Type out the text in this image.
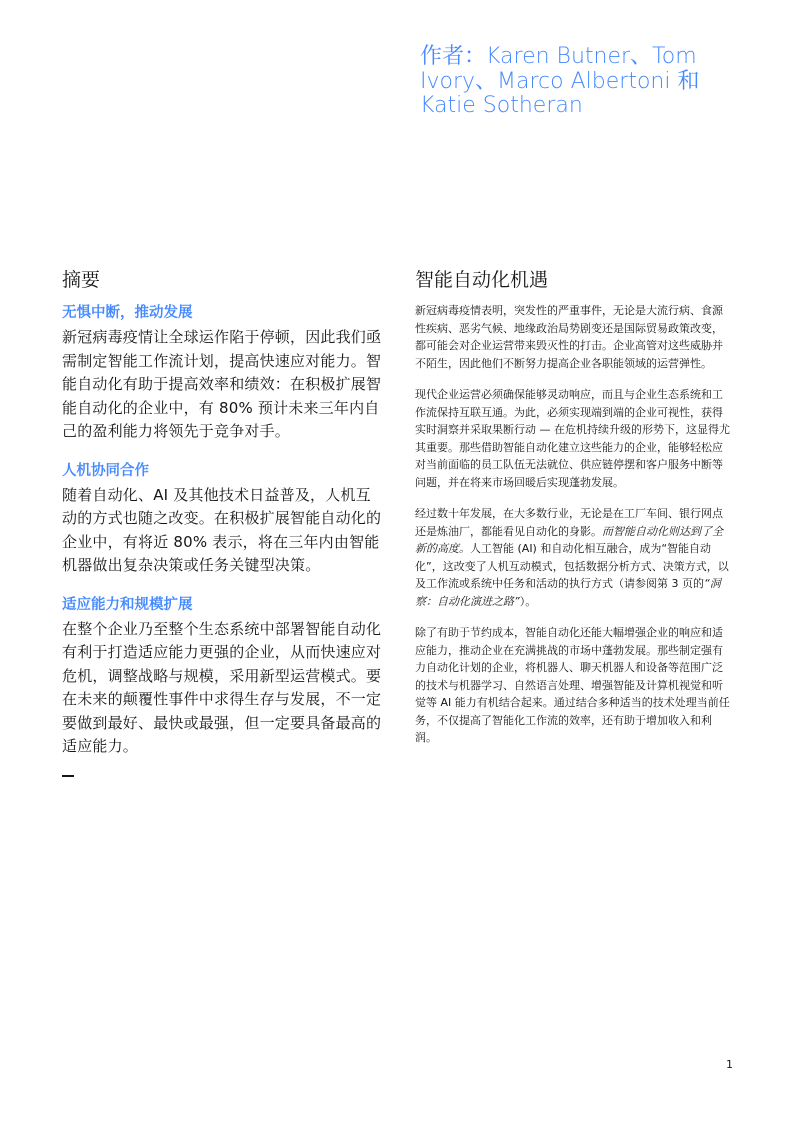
作者：Karen Butner、Tom Ivory、Marco Albertoni 和 Katie Sotheran
摘要
无惧中断，推动发展

新冠病毒疫情让全球运作陷于停顿，因此我们亟需制定智能工作流计划，提高快速应对能力。智能自动化有助于提高效率和绩效：在积极扩展智能自动化的企业中，有 80% 预计未来三年内自己的盈利能力将领先于竞争对手。

人机协同合作

随着自动化、AI 及其他技术日益普及，人机互动的方式也随之改变。在积极扩展智能自动化的企业中，有将近 80% 表示，将在三年内由智能机器做出复杂决策或任务关键型决策。

适应能力和规模扩展

在整个企业乃至整个生态系统中部署智能自动化有利于打造适应能力更强的企业，从而快速应对危机，调整战略与规模，采用新型运营模式。要在未来的颠覆性事件中求得生存与发展，不一定要做到最好、最快或最强，但一定要具备最高的适应能力。

智能自动化机遇

新冠病毒疫情表明，突发性的严重事件，无论是大流行病、食源性疾病、恶劣气候、地缘政治局势剧变还是国际贸易政策改变，都可能会对企业运营带来毁灭性的打击。企业高管对这些威胁并不陌生，因此他们不断努力提高企业各职能领域的运营弹性。

现代企业运营必须确保能够灵动响应，而且与企业生态系统和工作流保持互联互通。为此，必须实现端到端的企业可视性，获得实时洞察并采取果断行动 — 在危机持续升级的形势下，这显得尤其重要。那些借助智能自动化建立这些能力的企业，能够轻松应对当前面临的员工队伍无法就位、供应链停摆和客户服务中断等问题，并在将来市场回暖后实现蓬勃发展。

经过数十年发展，在大多数行业，无论是在工厂车间、银行网点还是炼油厂，都能看见自动化的身影。而智能自动化则达到了全新的高度。人工智能 (AI) 和自动化相互融合，成为“智能自动化”，这改变了人机互动模式，包括数据分析方式、决策方式，以及工作流或系统中任务和活动的执行方式（请参阅第 3 页的“洞察：自动化演进之路”）。

除了有助于节约成本，智能自动化还能大幅增强企业的响应和适应能力，推动企业在充满挑战的市场中蓬勃发展。那些制定强有力自动化计划的企业，将机器人、聊天机器人和设备等范围广泛的技术与机器学习、自然语言处理、增强智能及计算机视觉和听觉等 AI 能力有机结合起来。通过结合多种适当的技术处理当前任务，不仅提高了智能化工作流的效率，还有助于增加收入和利润。

1
